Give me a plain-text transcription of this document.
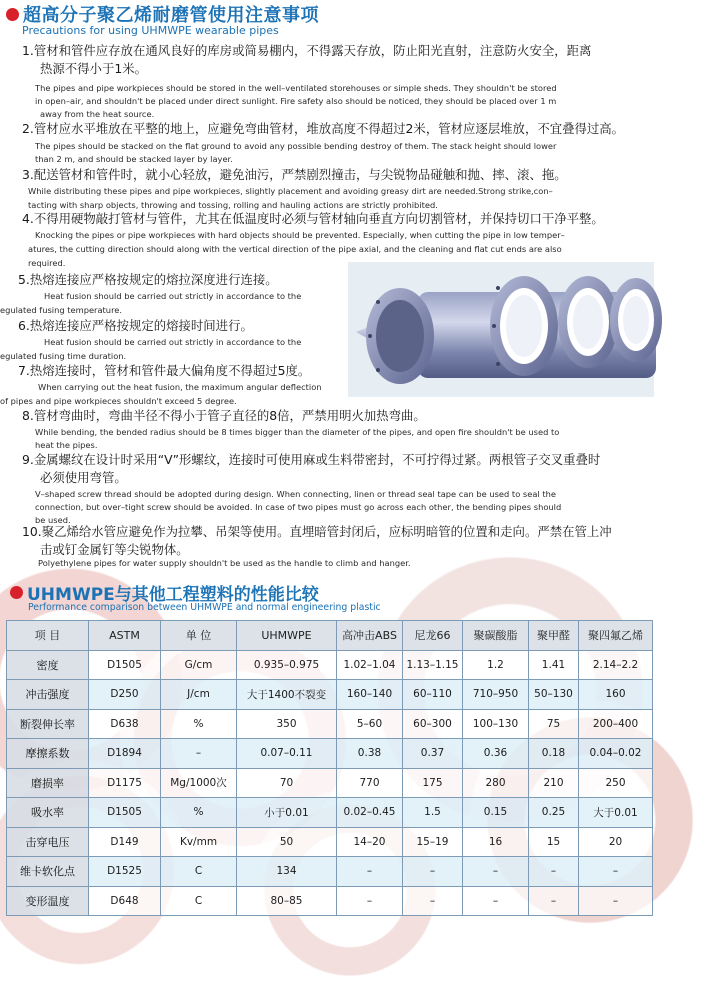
超高分子聚乙烯耐磨管使用注意事项
Precautions for using UHMWPE wearable pipes
1.管材和管件应存放在通风良好的库房或简易棚内，不得露天存放，防止阳光直射，注意防火安全，距离
热源不得小于1米。
The pipes and pipe workpieces should be stored in the well–ventilated storehouses or simple sheds. They shouldn't be stored
in open–air, and shouldn't be placed under direct sunlight. Fire safety also should be noticed, they should be placed over 1 m
away from the heat source.
2.管材应水平堆放在平整的地上，应避免弯曲管材，堆放高度不得超过2米，管材应逐层堆放，不宜叠得过高。
The pipes should be stacked on the flat ground to avoid any possible bending destroy of them. The stack height should lower
than 2 m, and should be stacked layer by layer.
3.配送管材和管件时，就小心轻放，避免油污，严禁剧烈撞击，与尖锐物品碰触和抛、摔、滚、拖。
While distributing these pipes and pipe workpieces, slightly placement and avoiding greasy dirt are needed.Strong strike,con–
tacting with sharp objects, throwing and tossing, rolling and hauling actions are strictly prohibited.
4.不得用硬物敲打管材与管件，尤其在低温度时必须与管材轴向垂直方向切割管材，并保持切口干净平整。
Knocking the pipes or pipe workpieces with hard objects should be prevented. Especially, when cutting the pipe in low temper–
atures, the cutting direction should along with the vertical direction of the pipe axial, and the cleaning and flat cut ends are also
required.
5.热熔连接应严格按规定的熔拉深度进行连接。
Heat fusion should be carried out strictly in accordance to the
egulated fusing temperature.
6.热熔连接应严格按规定的熔接时间进行。
Heat fusion should be carried out strictly in accordance to the
egulated fusing time duration.
7.热熔连接时，管材和管件最大偏角度不得超过5度。
When carrying out the heat fusion, the maximum angular deflection
of pipes and pipe workpieces shouldn't exceed 5 degree.
8.管材弯曲时，弯曲半径不得小于管子直径的8倍，严禁用明火加热弯曲。
While bending, the bended radius should be 8 times bigger than the diameter of the pipes, and open fire shouldn't be used to
heat the pipes.
9.金属螺纹在设计时采用“V”形螺纹，连接时可使用麻或生料带密封，不可拧得过紧。两根管子交叉重叠时
必须使用弯管。
V–shaped screw thread should be adopted during design. When connecting, linen or thread seal tape can be used to seal the
connection, but over–tight screw should be avoided. In case of two pipes must go across each other, the bending pipes should
be used.
10.聚乙烯给水管应避免作为拉攀、吊架等使用。直埋暗管封闭后，应标明暗管的位置和走向。严禁在管上冲
击或钉金属钉等尖锐物体。
Polyethylene pipes for water supply shouldn't be used as the handle to climb and hanger.
UHMWPE与其他工程塑料的性能比较
Performance comparison between UHMWPE and normal engineering plastic
项 目	ASTM	单 位	UHMWPE	高冲击ABS	尼龙66	聚碳酸脂	聚甲醛	聚四氟乙烯
密度	D1505	G/cm	0.935–0.975	1.02–1.04	1.13–1.15	1.2	1.41	2.14–2.2
冲击强度	D250	J/cm	大于1400不裂变	160–140	60–110	710–950	50–130	160
断裂伸长率	D638	%	350	5–60	60–300	100–130	75	200–400
摩擦系数	D1894	–	0.07–0.11	0.38	0.37	0.36	0.18	0.04–0.02
磨损率	D1175	Mg/1000次	70	770	175	280	210	250
吸水率	D1505	%	小于0.01	0.02–0.45	1.5	0.15	0.25	大于0.01
击穿电压	D149	Kv/mm	50	14–20	15–19	16	15	20
维卡软化点	D1525	C	134	–	–	–	–	–
变形温度	D648	C	80–85	–	–	–	–	–
